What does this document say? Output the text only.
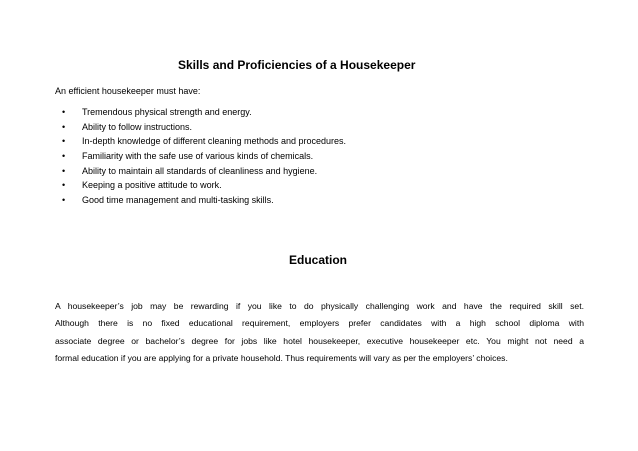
Skills and Proficiencies of a Housekeeper
An efficient housekeeper must have:
• Tremendous physical strength and energy.
• Ability to follow instructions.
• In-depth knowledge of different cleaning methods and procedures.
• Familiarity with the safe use of various kinds of chemicals.
• Ability to maintain all standards of cleanliness and hygiene.
• Keeping a positive attitude to work.
• Good time management and multi-tasking skills.
Education
A housekeeper’s job may be rewarding if you like to do physically challenging work and have the required skill set.
Although there is no fixed educational requirement, employers prefer candidates with a high school diploma with
associate degree or bachelor’s degree for jobs like hotel housekeeper, executive housekeeper etc. You might not need a
formal education if you are applying for a private household. Thus requirements will vary as per the employers’ choices.
